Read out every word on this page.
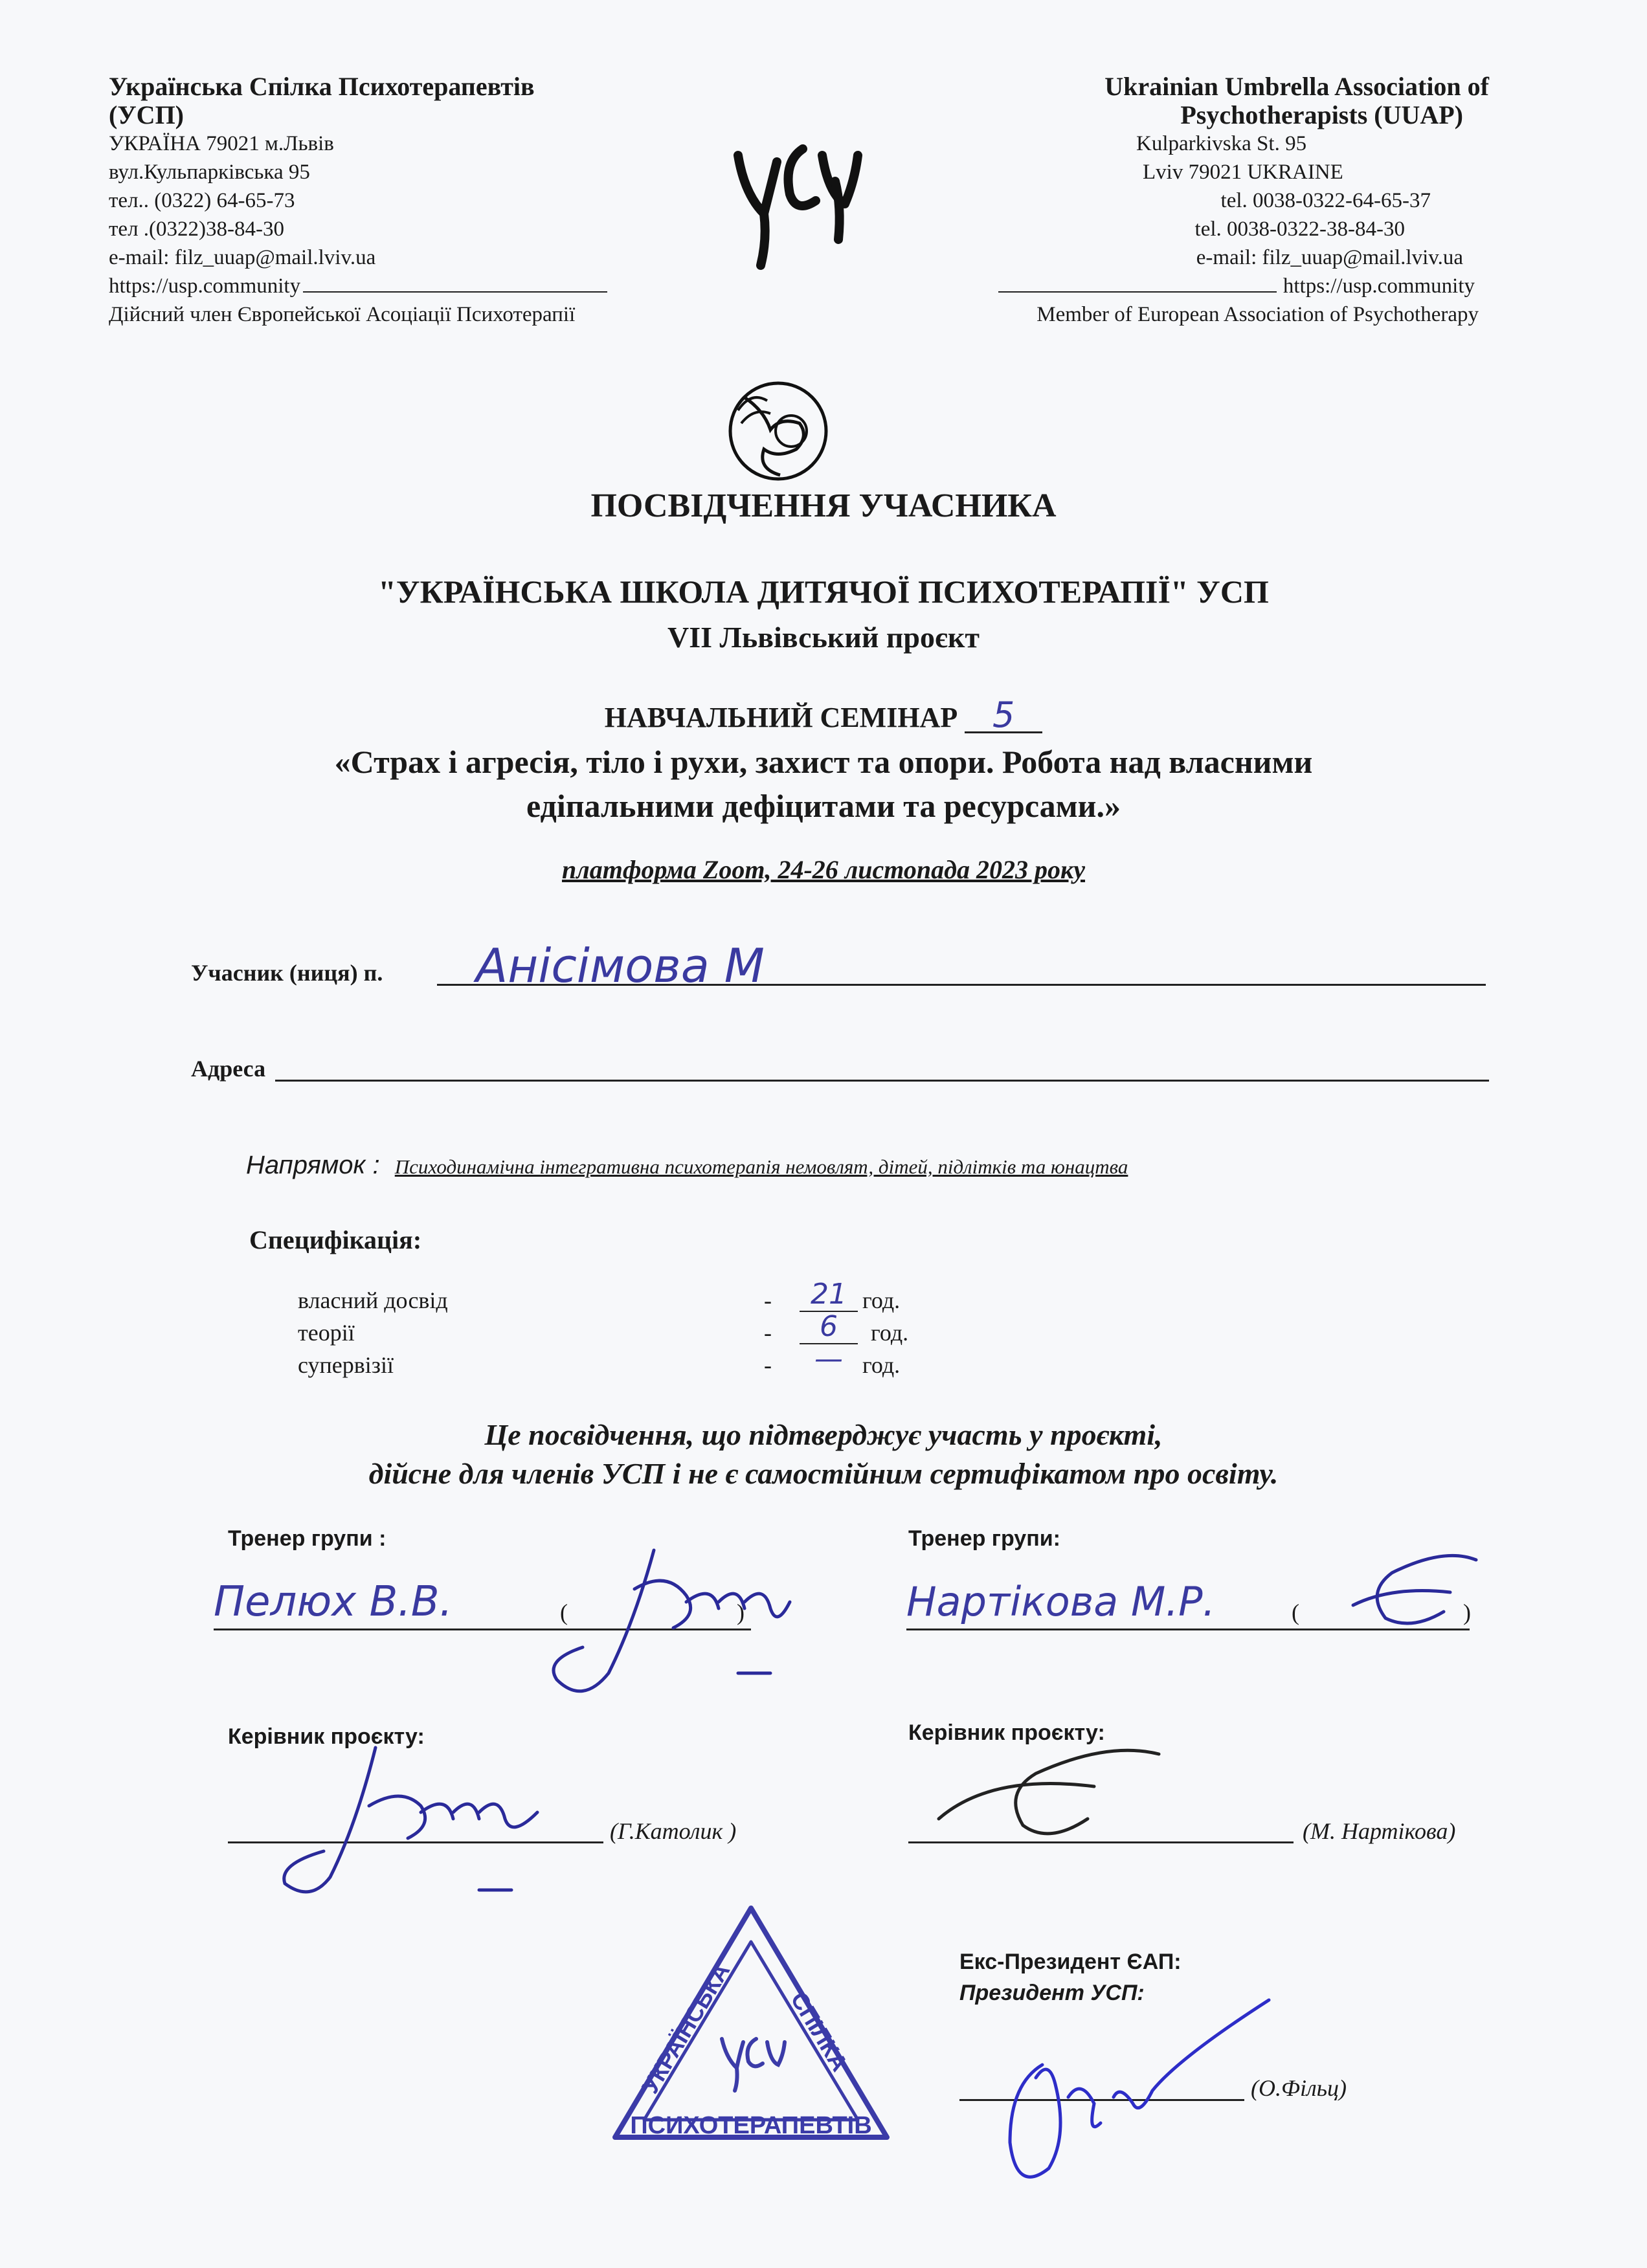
Українська Спілка Психотерапевтів
(УСП)
УКРАЇНА 79021 м.Львів
вул.Кульпарківська 95
тел.. (0322) 64-65-73
тел .(0322)38-84-30
e-mail: filz_uuap@mail.lviv.ua
https://usp.community
Дійсний член Європейської Асоціації Психотерапії
Ukrainian Umbrella Association of
Psychotherapists (UUAP)
Kulparkivska St. 95
Lviv 79021 UKRAINE
tel. 0038-0322-64-65-37
tel. 0038-0322-38-84-30
e-mail: filz_uuap@mail.lviv.ua
https://usp.community
Member of European Association of Psychotherapy
ПОСВІДЧЕННЯ УЧАСНИКА
"УКРАЇНСЬКА ШКОЛА ДИТЯЧОЇ ПСИХОТЕРАПІЇ" УСП
VII Львівський проєкт
НАВЧАЛЬНИЙ СЕМІНАР 5
«Страх і агресія, тіло і рухи, захист та опори. Робота над власними
едіпальними дефіцитами та ресурсами.»
платформа Zoom, 24-26 листопада 2023 року
Учасник (ниця) п. Анісімова М
Адреса
Напрямок : Психодинамічна інтегративна психотерапія немовлят, дітей, підлітків та юнацтва
Специфікація:
власний досвід	-	21 год.
теорії	-	6	год.
супервізії	-	— год.
Це посвідчення, що підтверджує участь у проєкті,
дійсне для членів УСП і не є самостійним сертифікатом про освіту.
Тренер групи :
Пелюх В.В.	(	)
Тренер групи:
Нартікова М.Р.	(	)
Керівник проєкту:
(Г.Католик )
Керівник проєкту:
(М. Нартікова)
УКРАЇНСЬКА СПІЛКА
ПСИХОТЕРАПЕВТІВ
Екс-Президент ЄАП:
Президент УСП:
(О.Фільц)
